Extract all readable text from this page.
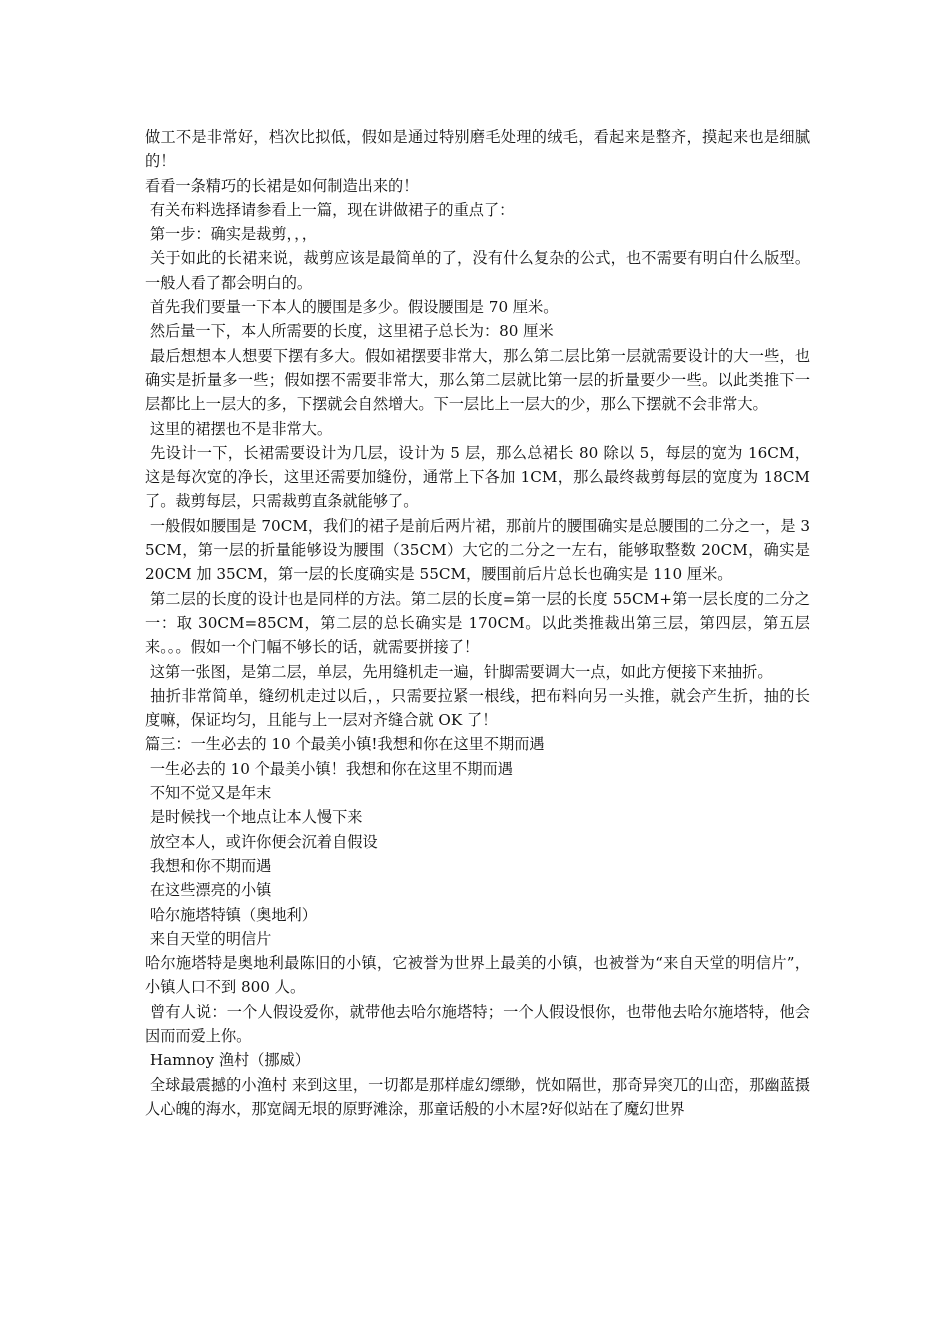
做工不是非常好，档次比拟低，假如是通过特别磨毛处理的绒毛，看起来是整齐，摸起来也是细腻的！

看看一条精巧的长裙是如何制造出来的！

有关布料选择请参看上一篇，现在讲做裙子的重点了：

第一步：确实是裁剪，，，

关于如此的长裙来说，裁剪应该是最简单的了，没有什么复杂的公式，也不需要有明白什么版型。一般人看了都会明白的。

首先我们要量一下本人的腰围是多少。假设腰围是 70 厘米。

然后量一下，本人所需要的长度，这里裙子总长为：80 厘米

最后想想本人想要下摆有多大。假如裙摆要非常大，那么第二层比第一层就需要设计的大一些，也确实是折量多一些；假如摆不需要非常大，那么第二层就比第一层的折量要少一些。以此类推下一层都比上一层大的多，下摆就会自然增大。下一层比上一层大的少，那么下摆就不会非常大。

这里的裙摆也不是非常大。

先设计一下，长裙需要设计为几层，设计为 5 层，那么总裙长 80 除以 5，每层的宽为 16CM，这是每次宽的净长，这里还需要加缝份，通常上下各加 1CM，那么最终裁剪每层的宽度为 18CM 了。裁剪每层，只需裁剪直条就能够了。

一般假如腰围是 70CM，我们的裙子是前后两片裙，那前片的腰围确实是总腰围的二分之一，是 35CM，第一层的折量能够设为腰围（35CM）大它的二分之一左右，能够取整数 20CM，确实是 20CM 加 35CM，第一层的长度确实是 55CM，腰围前后片总长也确实是 110 厘米。

第二层的长度的设计也是同样的方法。第二层的长度=第一层的长度 55CM+第一层长度的二分之一：取 30CM=85CM，第二层的总长确实是 170CM。以此类推裁出第三层，第四层，第五层来。。。假如一个门幅不够长的话，就需要拼接了！

这第一张图，是第二层，单层，先用缝机走一遍，针脚需要调大一点，如此方便接下来抽折。

抽折非常简单，缝纫机走过以后，，只需要拉紧一根线，把布料向另一头推，就会产生折，抽的长度嘛，保证均匀，且能与上一层对齐缝合就 OK 了！

篇三：一生必去的 10 个最美小镇!我想和你在这里不期而遇

一生必去的 10 个最美小镇！我想和你在这里不期而遇

不知不觉又是年末

是时候找一个地点让本人慢下来

放空本人，或许你便会沉着自假设

我想和你不期而遇

在这些漂亮的小镇

哈尔施塔特镇（奥地利）

来自天堂的明信片

哈尔施塔特是奥地利最陈旧的小镇，它被誉为世界上最美的小镇，也被誉为“来自天堂的明信片”，小镇人口不到 800 人。

曾有人说：一个人假设爱你，就带他去哈尔施塔特；一个人假设恨你，也带他去哈尔施塔特，他会因而而爱上你。

Hamnoy 渔村（挪威）

全球最震撼的小渔村 来到这里，一切都是那样虚幻缥缈，恍如隔世，那奇异突兀的山峦，那幽蓝摄人心魄的海水，那宽阔无垠的原野滩涂，那童话般的小木屋?好似站在了魔幻世界
